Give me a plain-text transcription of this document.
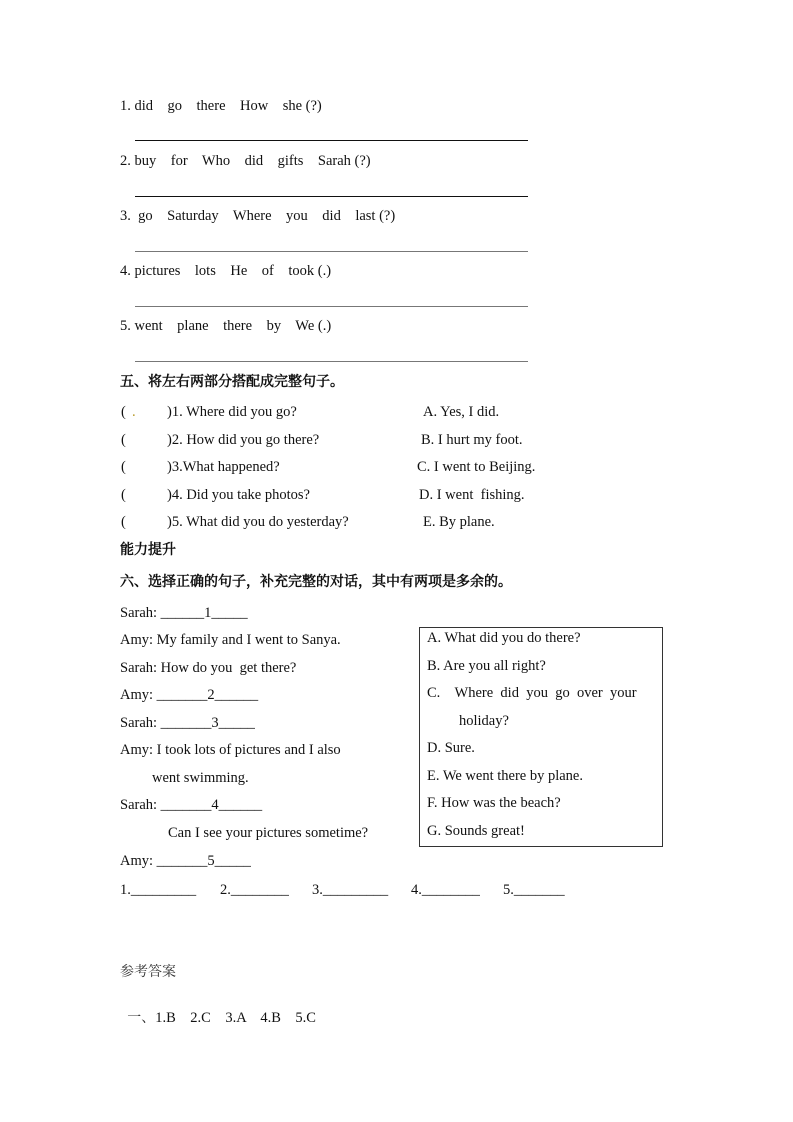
1. did    go    there    How    she (?)
2. buy    for    Who    did    gifts    Sarah (?)
3.  go    Saturday    Where    you    did    last (?)
4. pictures    lots    He    of    took (.)
5. went    plane    there    by    We (.)
五、将左右两部分搭配成完整句子。
( . )1. Where did you go?	A. Yes, I did.
(	)2. How did you go there?	B. I hurt my foot.
(	)3.What happened?	C. I went to Beijing.
(	)4. Did you take photos?	D. I went  fishing.
(	)5. What did you do yesterday?	E. By plane.
能力提升
六、选择正确的句子，补充完整的对话，其中有两项是多余的。
Sarah: ______1_____
Amy: My family and I went to Sanya.
Sarah: How do you  get there?
Amy: _______2______
Sarah: _______3_____
Amy: I took lots of pictures and I also
went swimming.
Sarah: _______4______
Can I see your pictures sometime?
Amy: _______5_____
A. What did you do there?
B. Are you all right?
C.    Where  did  you  go  over  your
holiday?
D. Sure.
E. We went there by plane.
F. How was the beach?
G. Sounds great!
1._________ 2.________ 3._________ 4.________ 5._______
参考答案

一、1.B    2.C    3.A    4.B    5.C
